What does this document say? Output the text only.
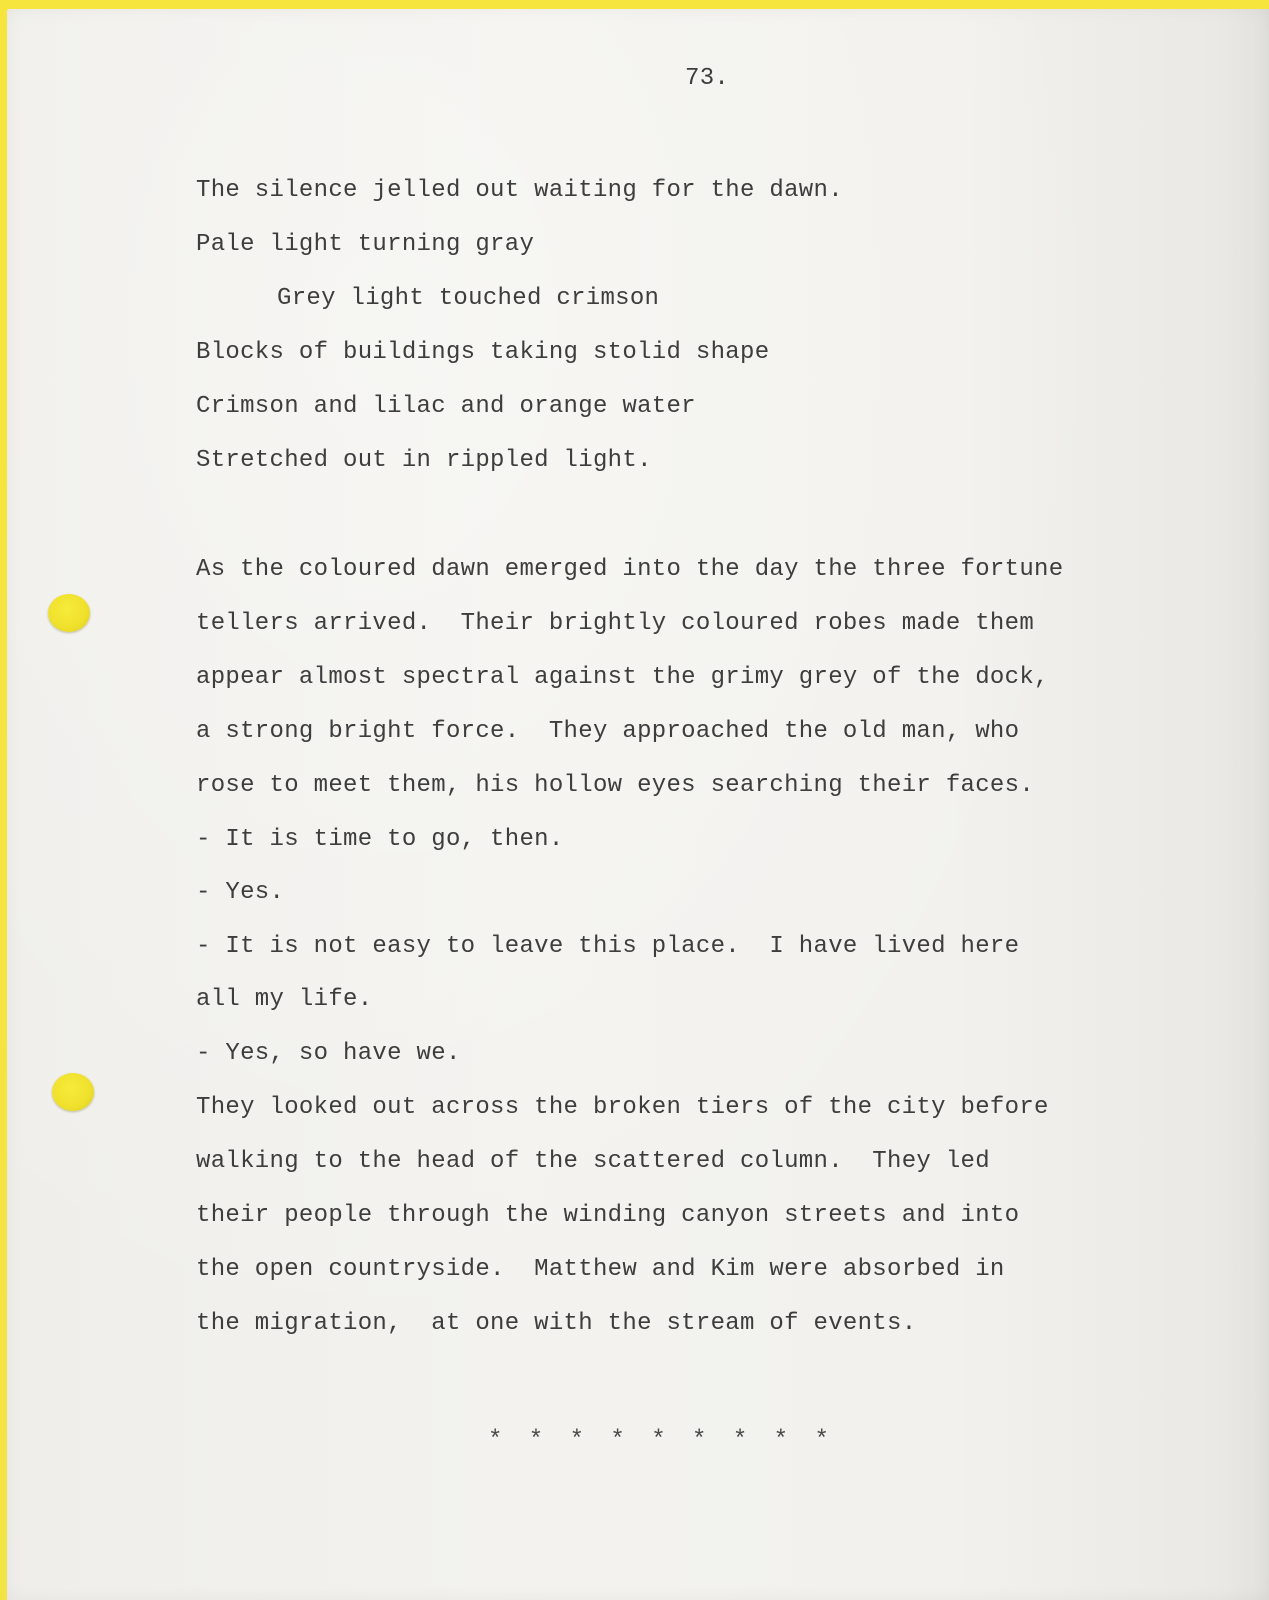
73.
The silence jelled out waiting for the dawn.
Pale light turning gray
Grey light touched crimson
Blocks of buildings taking stolid shape
Crimson and lilac and orange water
Stretched out in rippled light.
As the coloured dawn emerged into the day the three fortune
tellers arrived.  Their brightly coloured robes made them
appear almost spectral against the grimy grey of the dock,
a strong bright force.  They approached the old man, who
rose to meet them, his hollow eyes searching their faces.
- It is time to go, then.
- Yes.
- It is not easy to leave this place.  I have lived here
all my life.
- Yes, so have we.
They looked out across the broken tiers of the city before
walking to the head of the scattered column.  They led
their people through the winding canyon streets and into
the open countryside.  Matthew and Kim were absorbed in
the migration,  at one with the stream of events.
* * * * * * * * *
